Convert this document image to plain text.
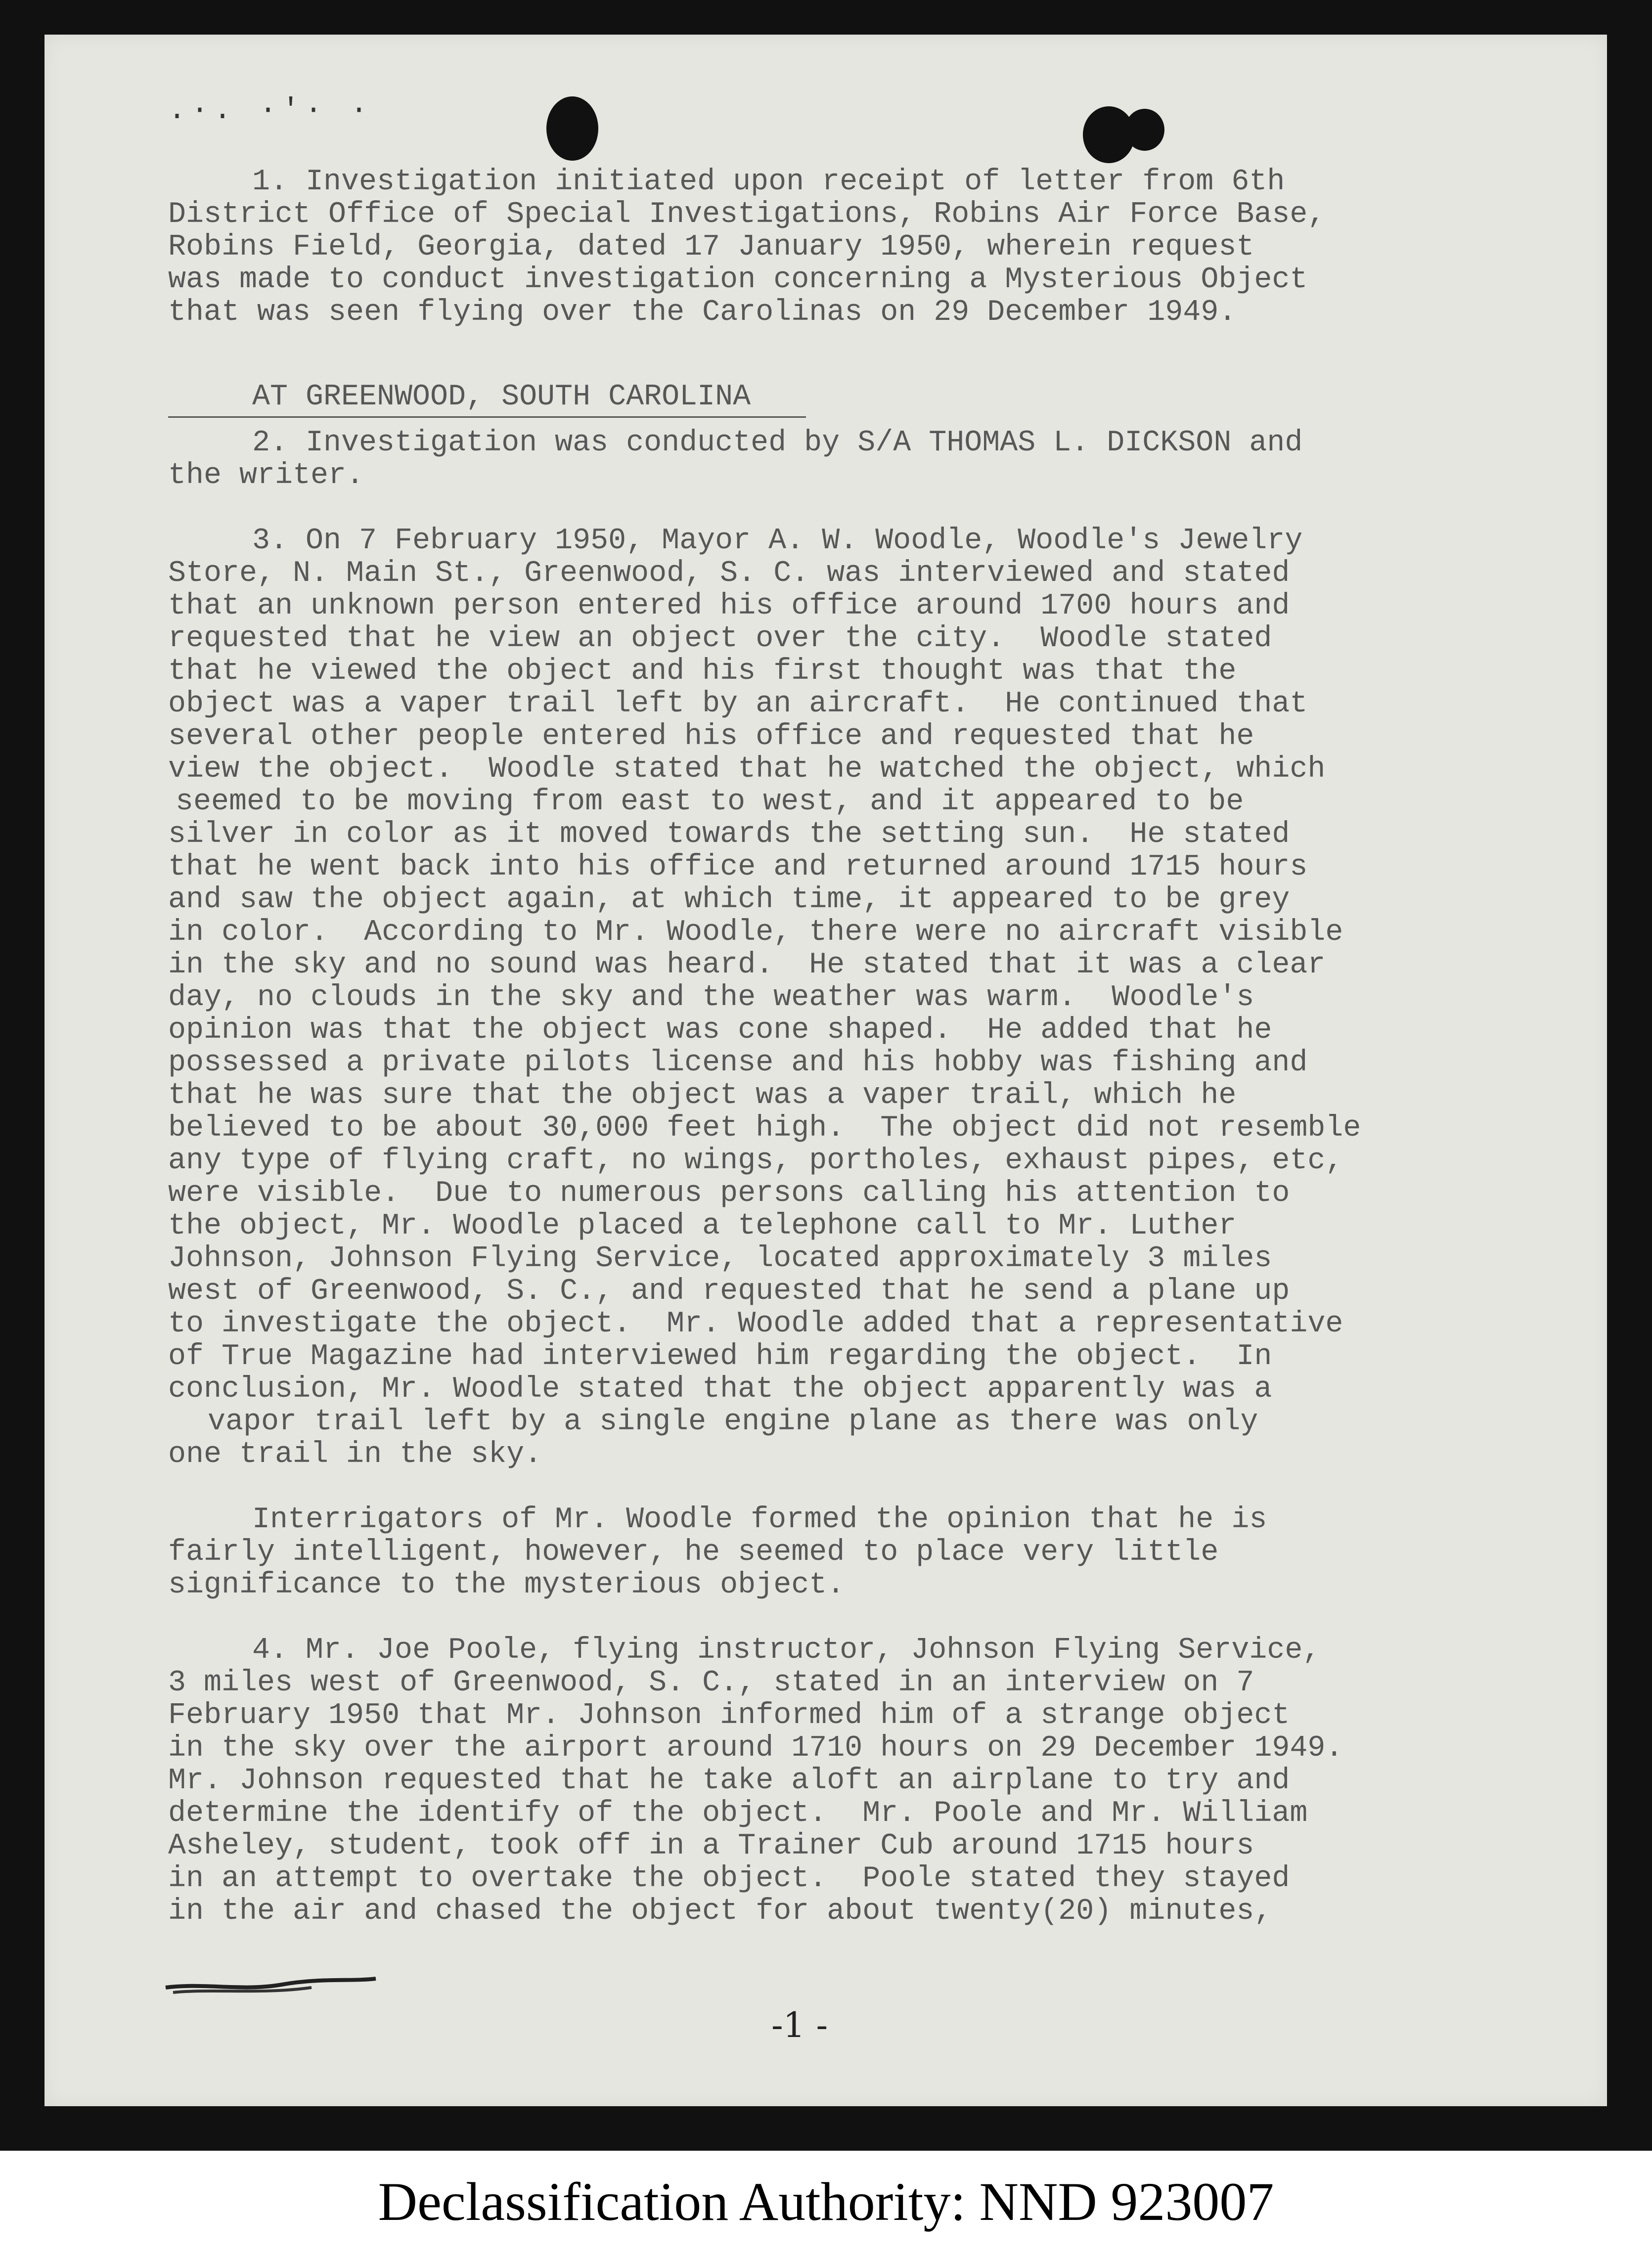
.·. ·'· ·
1. Investigation initiated upon receipt of letter from 6th
District Office of Special Investigations, Robins Air Force Base,
Robins Field, Georgia, dated 17 January 1950, wherein request
was made to conduct investigation concerning a Mysterious Object
that was seen flying over the Carolinas on 29 December 1949.
2. Investigation was conducted by S/A THOMAS L. DICKSON and
the writer.
3. On 7 February 1950, Mayor A. W. Woodle, Woodle's Jewelry
Store, N. Main St., Greenwood, S. C. was interviewed and stated
that an unknown person entered his office around 1700 hours and
requested that he view an object over the city.  Woodle stated
that he viewed the object and his first thought was that the
object was a vaper trail left by an aircraft.  He continued that
several other people entered his office and requested that he
view the object.  Woodle stated that he watched the object, which
seemed to be moving from east to west, and it appeared to be
silver in color as it moved towards the setting sun.  He stated
that he went back into his office and returned around 1715 hours
and saw the object again, at which time, it appeared to be grey
in color.  According to Mr. Woodle, there were no aircraft visible
in the sky and no sound was heard.  He stated that it was a clear
day, no clouds in the sky and the weather was warm.  Woodle's
opinion was that the object was cone shaped.  He added that he
possessed a private pilots license and his hobby was fishing and
that he was sure that the object was a vaper trail, which he
believed to be about 30,000 feet high.  The object did not resemble
any type of flying craft, no wings, portholes, exhaust pipes, etc,
were visible.  Due to numerous persons calling his attention to
the object, Mr. Woodle placed a telephone call to Mr. Luther
Johnson, Johnson Flying Service, located approximately 3 miles
west of Greenwood, S. C., and requested that he send a plane up
to investigate the object.  Mr. Woodle added that a representative
of True Magazine had interviewed him regarding the object.  In
conclusion, Mr. Woodle stated that the object apparently was a
vapor trail left by a single engine plane as there was only
one trail in the sky.
Interrigators of Mr. Woodle formed the opinion that he is
fairly intelligent, however, he seemed to place very little
significance to the mysterious object.
4. Mr. Joe Poole, flying instructor, Johnson Flying Service,
3 miles west of Greenwood, S. C., stated in an interview on 7
February 1950 that Mr. Johnson informed him of a strange object
in the sky over the airport around 1710 hours on 29 December 1949.
Mr. Johnson requested that he take aloft an airplane to try and
determine the identify of the object.  Mr. Poole and Mr. William
Asheley, student, took off in a Trainer Cub around 1715 hours
in an attempt to overtake the object.  Poole stated they stayed
in the air and chased the object for about twenty(20) minutes,
AT GREENWOOD, SOUTH CAROLINA
-1 -
Declassification Authority: NND 923007
